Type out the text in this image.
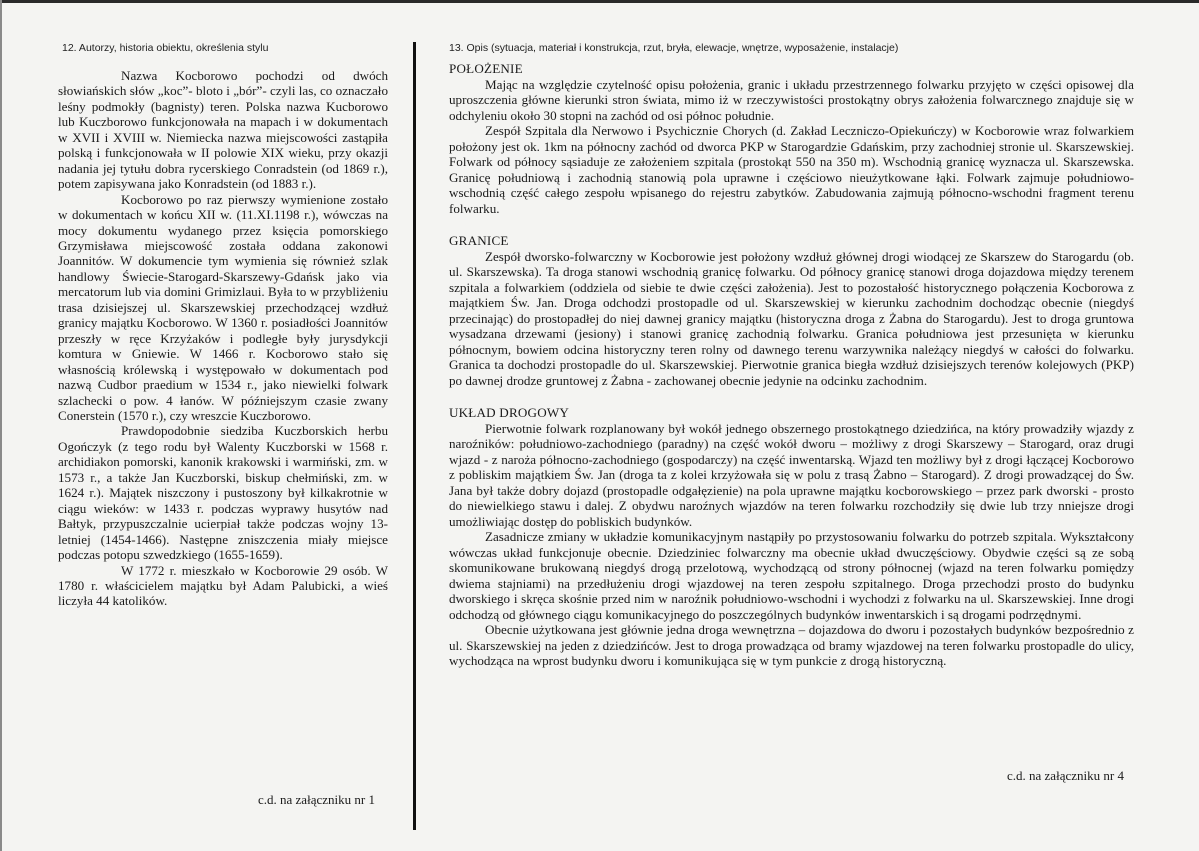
12. Autorzy, historia obiektu, określenia stylu

Nazwa Kocborowo pochodzi od dwóch słowiańskich słów „koc”- bloto i „bór”- czyli las, co oznaczało leśny podmokły (bagnisty) teren. Polska nazwa Kucborowo lub Kuczborowo funkcjonowała na mapach i w dokumentach w XVII i XVIII w. Niemiecka nazwa miejscowości zastąpiła polską i funkcjonowała w II polowie XIX wieku, przy okazji nadania jej tytułu dobra rycerskiego Conradstein (od 1869 r.), potem zapisywana jako Konradstein (od 1883 r.).

Kocborowo po raz pierwszy wymienione zostało w dokumentach w końcu XII w. (11.XI.1198 r.), wówczas na mocy dokumentu wydanego przez księcia pomorskiego Grzymisława miejscowość została oddana zakonowi Joannitów. W dokumencie tym wymienia się również szlak handlowy Świecie-Starogard-Skarszewy-Gdańsk jako via mercatorum lub via domini Grimizlaui. Była to w przybliżeniu trasa dzisiejszej ul. Skarszewskiej przechodzącej wzdłuż granicy majątku Kocborowo. W 1360 r. posiadłości Joannitów przeszły w ręce Krzyżaków i podległe były jurysdykcji komtura w Gniewie. W 1466 r. Kocborowo stało się własnością królewską i występowało w dokumentach pod nazwą Cudbor praedium w 1534 r., jako niewielki folwark szlachecki o pow. 4 łanów. W późniejszym czasie zwany Conerstein (1570 r.), czy wreszcie Kuczborowo.

Prawdopodobnie siedziba Kuczborskich herbu Ogończyk (z tego rodu był Walenty Kuczborski w 1568 r. archidiakon pomorski, kanonik krakowski i warmiński, zm. w 1573 r., a także Jan Kuczborski, biskup chełmiński, zm. w 1624 r.). Majątek niszczony i pustoszony był kilkakrotnie w ciągu wieków: w 1433 r. podczas wyprawy husytów nad Bałtyk, przypuszczalnie ucierpiał także podczas wojny 13-letniej (1454-1466). Następne zniszczenia miały miejsce podczas potopu szwedzkiego (1655-1659).

W 1772 r. mieszkało w Kocborowie 29 osób. W 1780 r. właścicielem majątku był Adam Palubicki, a wieś liczyła 44 katolików.

c.d. na załączniku nr 1
13. Opis (sytuacja, materiał i konstrukcja, rzut, bryła, elewacje, wnętrze, wyposażenie, instalacje)
POŁOŻENIE

Mając na względzie czytelność opisu położenia, granic i układu przestrzennego folwarku przyjęto w części opisowej dla uproszczenia główne kierunki stron świata, mimo iż w rzeczywistości prostokątny obrys założenia folwarcznego znajduje się w odchyleniu około 30 stopni na zachód od osi północ południe.

Zespół Szpitala dla Nerwowo i Psychicznie Chorych (d. Zakład Leczniczo-Opiekuńczy) w Kocborowie wraz folwarkiem położony jest ok. 1km na północny zachód od dworca PKP w Starogardzie Gdańskim, przy zachodniej stronie ul. Skarszewskiej. Folwark od północy sąsiaduje ze założeniem szpitala (prostokąt 550 na 350 m). Wschodnią granicę wyznacza ul. Skarszewska. Granicę południową i zachodnią stanowią pola uprawne i częściowo nieużytkowane łąki. Folwark zajmuje południowo-wschodnią część całego zespołu wpisanego do rejestru zabytków. Zabudowania zajmują północno-wschodni fragment terenu folwarku.

GRANICE

Zespół dworsko-folwarczny w Kocborowie jest położony wzdłuż głównej drogi wiodącej ze Skarszew do Starogardu (ob. ul. Skarszewska). Ta droga stanowi wschodnią granicę folwarku. Od północy granicę stanowi droga dojazdowa między terenem szpitala a folwarkiem (oddziela od siebie te dwie części założenia). Jest to pozostałość historycznego połączenia Kocborowa z majątkiem Św. Jan. Droga odchodzi prostopadle od ul. Skarszewskiej w kierunku zachodnim dochodząc obecnie (niegdyś przecinając) do prostopadłej do niej dawnej granicy majątku (historyczna droga z Żabna do Starogardu). Jest to droga gruntowa wysadzana drzewami (jesiony) i stanowi granicę zachodnią folwarku. Granica południowa jest przesunięta w kierunku północnym, bowiem odcina historyczny teren rolny od dawnego terenu warzywnika należący niegdyś w całości do folwarku. Granica ta dochodzi prostopadle do ul. Skarszewskiej. Pierwotnie granica biegła wzdłuż dzisiejszych terenów kolejowych (PKP) po dawnej drodze gruntowej z Żabna - zachowanej obecnie jedynie na odcinku zachodnim.

UKŁAD DROGOWY

Pierwotnie folwark rozplanowany był wokół jednego obszernego prostokątnego dziedzińca, na który prowadziły wjazdy z naroźników: południowo-zachodniego (paradny) na część wokół dworu – możliwy z drogi Skarszewy – Starogard, oraz drugi wjazd - z naroża północno-zachodniego (gospodarczy) na część inwentarską. Wjazd ten możliwy był z drogi łączącej Kocborowo z pobliskim majątkiem Św. Jan (droga ta z kolei krzyżowała się w polu z trasą Żabno – Starogard). Z drogi prowadzącej do Św. Jana był także dobry dojazd (prostopadle odgałęzienie) na pola uprawne majątku kocborowskiego – przez park dworski - prosto do niewielkiego stawu i dalej. Z obydwu naroźnych wjazdów na teren folwarku rozchodziły się dwie lub trzy nniejsze drogi umożliwiając dostęp do pobliskich budynków.

Zasadnicze zmiany w układzie komunikacyjnym nastąpiły po przystosowaniu folwarku do potrzeb szpitala. Wykształcony wówczas układ funkcjonuje obecnie. Dziedziniec folwarczny ma obecnie układ dwuczęściowy. Obydwie części są ze sobą skomunikowane brukowaną niegdyś drogą przelotową, wychodzącą od strony północnej (wjazd na teren folwarku pomiędzy dwiema stajniami) na przedłużeniu drogi wjazdowej na teren zespołu szpitalnego. Droga przechodzi prosto do budynku dworskiego i skręca skośnie przed nim w naroźnik południowo-wschodni i wychodzi z folwarku na ul. Skarszewskiej. Inne drogi odchodzą od głównego ciągu komunikacyjnego do poszczególnych budynków inwentarskich i są drogami podrzędnymi.

Obecnie użytkowana jest głównie jedna droga wewnętrzna – dojazdowa do dworu i pozostałych budynków bezpośrednio z ul. Skarszewskiej na jeden z dziedzińców. Jest to droga prowadząca od bramy wjazdowej na teren folwarku prostopadle do ulicy, wychodząca na wprost budynku dworu i komunikująca się w tym punkcie z drogą historyczną.

c.d. na załączniku nr 4
